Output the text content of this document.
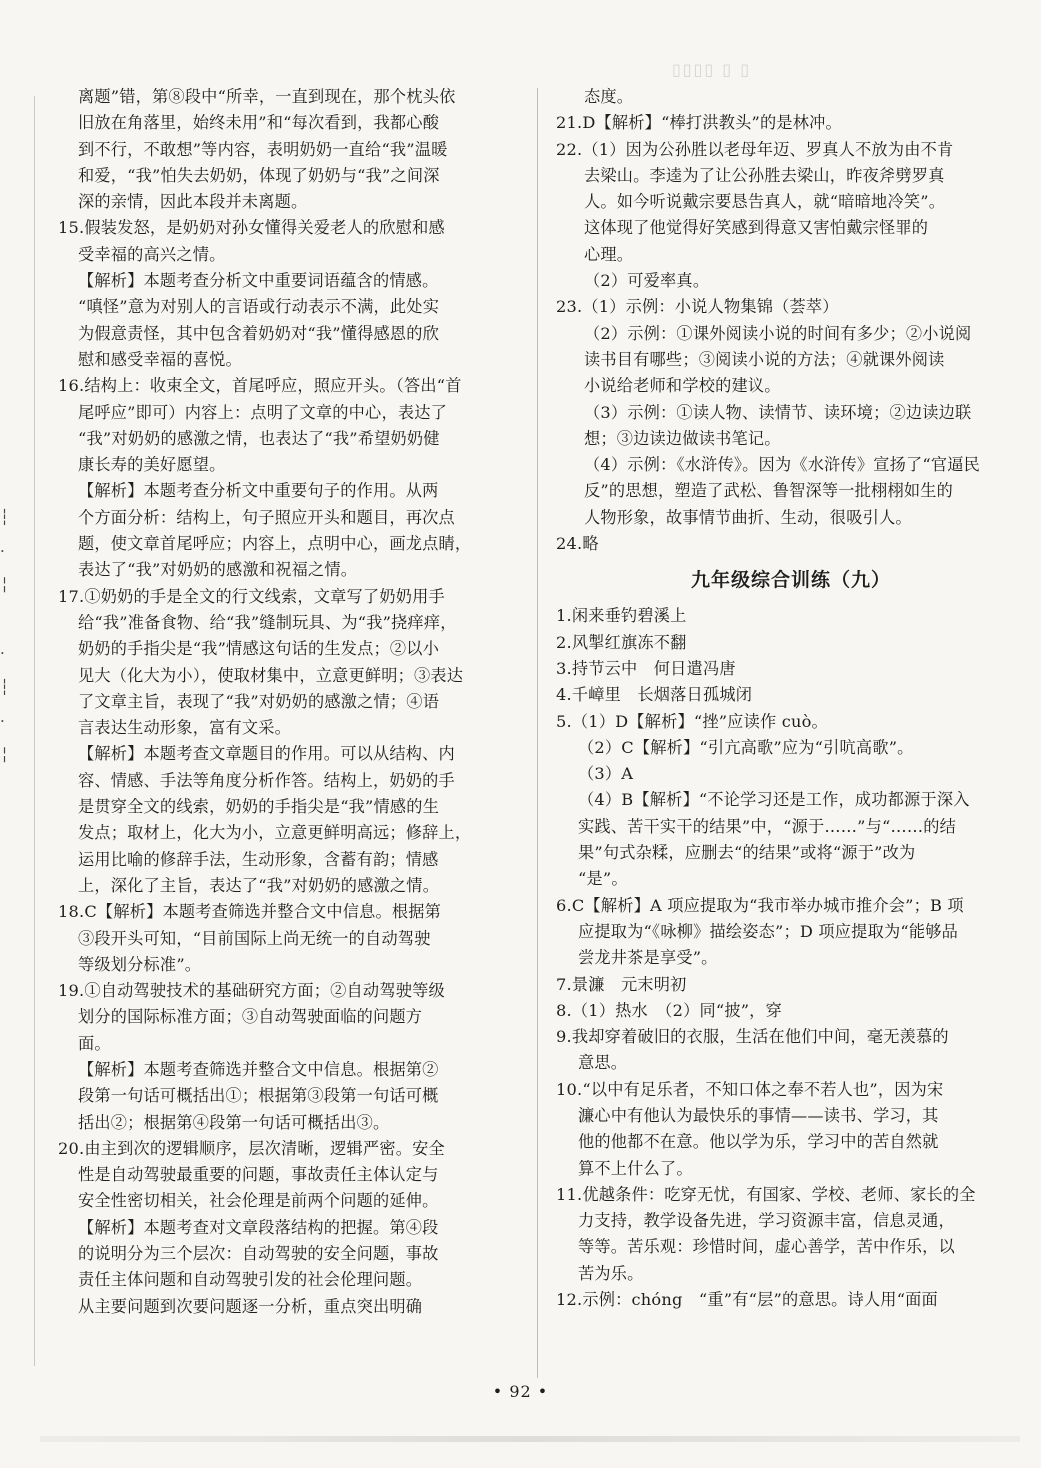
▯▯▯▯ ▯ ▯
┆
·
╎
·
┆
·
╎
离题”错，第⑧段中“所幸，一直到现在，那个枕头依
旧放在角落里，始终未用”和“每次看到，我都心酸
到不行，不敢想”等内容，表明奶奶一直给“我”温暖
和爱，“我”怕失去奶奶，体现了奶奶与“我”之间深
深的亲情，因此本段并未离题。
15.假装发怒，是奶奶对孙女懂得关爱老人的欣慰和感
受幸福的高兴之情。
【解析】本题考查分析文中重要词语蕴含的情感。
“嗔怪”意为对别人的言语或行动表示不满，此处实
为假意责怪，其中包含着奶奶对“我”懂得感恩的欣
慰和感受幸福的喜悦。
16.结构上：收束全文，首尾呼应，照应开头。（答出“首
尾呼应”即可）内容上：点明了文章的中心，表达了
“我”对奶奶的感激之情，也表达了“我”希望奶奶健
康长寿的美好愿望。
【解析】本题考查分析文中重要句子的作用。从两
个方面分析：结构上，句子照应开头和题目，再次点
题，使文章首尾呼应；内容上，点明中心，画龙点睛，
表达了“我”对奶奶的感激和祝福之情。
17.①奶奶的手是全文的行文线索，文章写了奶奶用手
给“我”准备食物、给“我”缝制玩具、为“我”挠痒痒，
奶奶的手指尖是“我”情感这句话的生发点；②以小
见大（化大为小），使取材集中，立意更鲜明；③表达
了文章主旨，表现了“我”对奶奶的感激之情；④语
言表达生动形象，富有文采。
【解析】本题考查文章题目的作用。可以从结构、内
容、情感、手法等角度分析作答。结构上，奶奶的手
是贯穿全文的线索，奶奶的手指尖是“我”情感的生
发点；取材上，化大为小，立意更鲜明高远；修辞上，
运用比喻的修辞手法，生动形象，含蓄有韵；情感
上，深化了主旨，表达了“我”对奶奶的感激之情。
18.C【解析】本题考查筛选并整合文中信息。根据第
③段开头可知，“目前国际上尚无统一的自动驾驶
等级划分标准”。
19.①自动驾驶技术的基础研究方面；②自动驾驶等级
划分的国际标准方面；③自动驾驶面临的问题方
面。
【解析】本题考查筛选并整合文中信息。根据第②
段第一句话可概括出①；根据第③段第一句话可概
括出②；根据第④段第一句话可概括出③。
20.由主到次的逻辑顺序，层次清晰，逻辑严密。安全
性是自动驾驶最重要的问题，事故责任主体认定与
安全性密切相关，社会伦理是前两个问题的延伸。
【解析】本题考查对文章段落结构的把握。第④段
的说明分为三个层次：自动驾驶的安全问题，事故
责任主体问题和自动驾驶引发的社会伦理问题。
从主要问题到次要问题逐一分析，重点突出明确
态度。
21.D【解析】“棒打洪教头”的是林冲。
22.（1）因为公孙胜以老母年迈、罗真人不放为由不肯
去梁山。李逵为了让公孙胜去梁山，昨夜斧劈罗真
人。如今听说戴宗要恳告真人，就“暗暗地冷笑”。
这体现了他觉得好笑感到得意又害怕戴宗怪罪的
心理。
（2）可爱率真。
23.（1）示例：小说人物集锦（荟萃）
（2）示例：①课外阅读小说的时间有多少；②小说阅
读书目有哪些；③阅读小说的方法；④就课外阅读
小说给老师和学校的建议。
（3）示例：①读人物、读情节、读环境；②边读边联
想；③边读边做读书笔记。
（4）示例：《水浒传》。因为《水浒传》宣扬了“官逼民
反”的思想，塑造了武松、鲁智深等一批栩栩如生的
人物形象，故事情节曲折、生动，很吸引人。
24.略
九年级综合训练（九）
1.闲来垂钓碧溪上
2.风掣红旗冻不翻
3.持节云中　何日遣冯唐
4.千嶂里　长烟落日孤城闭
5.（1）D【解析】“挫”应读作 cuò。
（2）C【解析】“引亢高歌”应为“引吭高歌”。
（3）A
（4）B【解析】“不论学习还是工作，成功都源于深入
实践、苦干实干的结果”中，“源于……”与“……的结
果”句式杂糅，应删去“的结果”或将“源于”改为
“是”。
6.C【解析】A 项应提取为“我市举办城市推介会”；B 项
应提取为“《咏柳》描绘姿态”；D 项应提取为“能够品
尝龙井茶是享受”。
7.景濂　元末明初
8.（1）热水　（2）同“披”，穿
9.我却穿着破旧的衣服，生活在他们中间，毫无羡慕的
意思。
10.“以中有足乐者，不知口体之奉不若人也”，因为宋
濂心中有他认为最快乐的事情——读书、学习，其
他的他都不在意。他以学为乐，学习中的苦自然就
算不上什么了。
11.优越条件：吃穿无忧，有国家、学校、老师、家长的全
力支持，教学设备先进，学习资源丰富，信息灵通，
等等。苦乐观：珍惜时间，虚心善学，苦中作乐，以
苦为乐。
12.示例：chóng　“重”有“层”的意思。诗人用“面面
• 92 •
